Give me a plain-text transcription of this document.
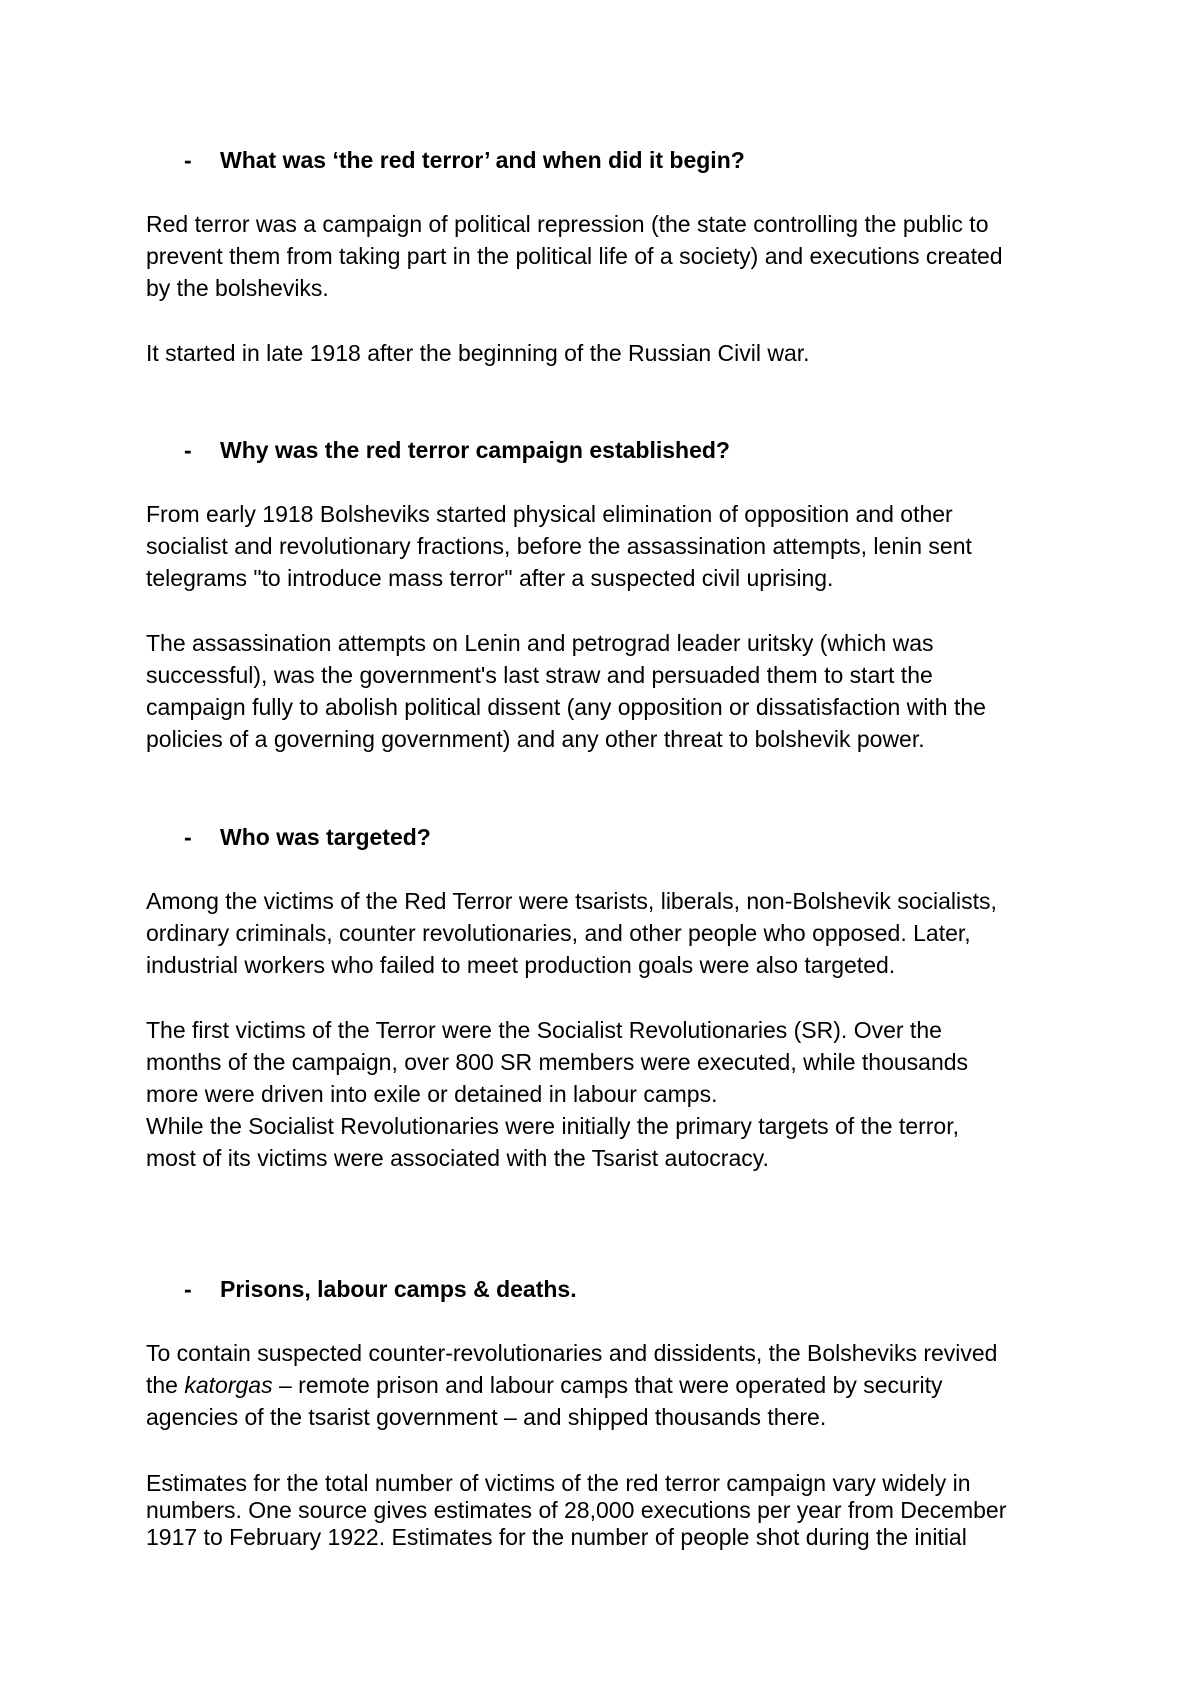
- What was ‘the red terror’ and when did it begin?

Red terror was a campaign of political repression (the state controlling the public to
prevent them from taking part in the political life of a society) and executions created
by the bolsheviks.

It started in late 1918 after the beginning of the Russian Civil war.

- Why was the red terror campaign established?

From early 1918 Bolsheviks started physical elimination of opposition and other
socialist and revolutionary fractions, before the assassination attempts, lenin sent
telegrams "to introduce mass terror" after a suspected civil uprising.

The assassination attempts on Lenin and petrograd leader uritsky (which was
successful), was the government's last straw and persuaded them to start the
campaign fully to abolish political dissent (any opposition or dissatisfaction with the
policies of a governing government) and any other threat to bolshevik power.

- Who was targeted?

Among the victims of the Red Terror were tsarists, liberals, non-Bolshevik socialists,
ordinary criminals, counter revolutionaries, and other people who opposed. Later,
industrial workers who failed to meet production goals were also targeted.

The first victims of the Terror were the Socialist Revolutionaries (SR). Over the
months of the campaign, over 800 SR members were executed, while thousands
more were driven into exile or detained in labour camps.
While the Socialist Revolutionaries were initially the primary targets of the terror,
most of its victims were associated with the Tsarist autocracy.

- Prisons, labour camps & deaths.

To contain suspected counter-revolutionaries and dissidents, the Bolsheviks revived
the katorgas – remote prison and labour camps that were operated by security
agencies of the tsarist government – and shipped thousands there.

Estimates for the total number of victims of the red terror campaign vary widely in
numbers. One source gives estimates of 28,000 executions per year from December
1917 to February 1922. Estimates for the number of people shot during the initial
